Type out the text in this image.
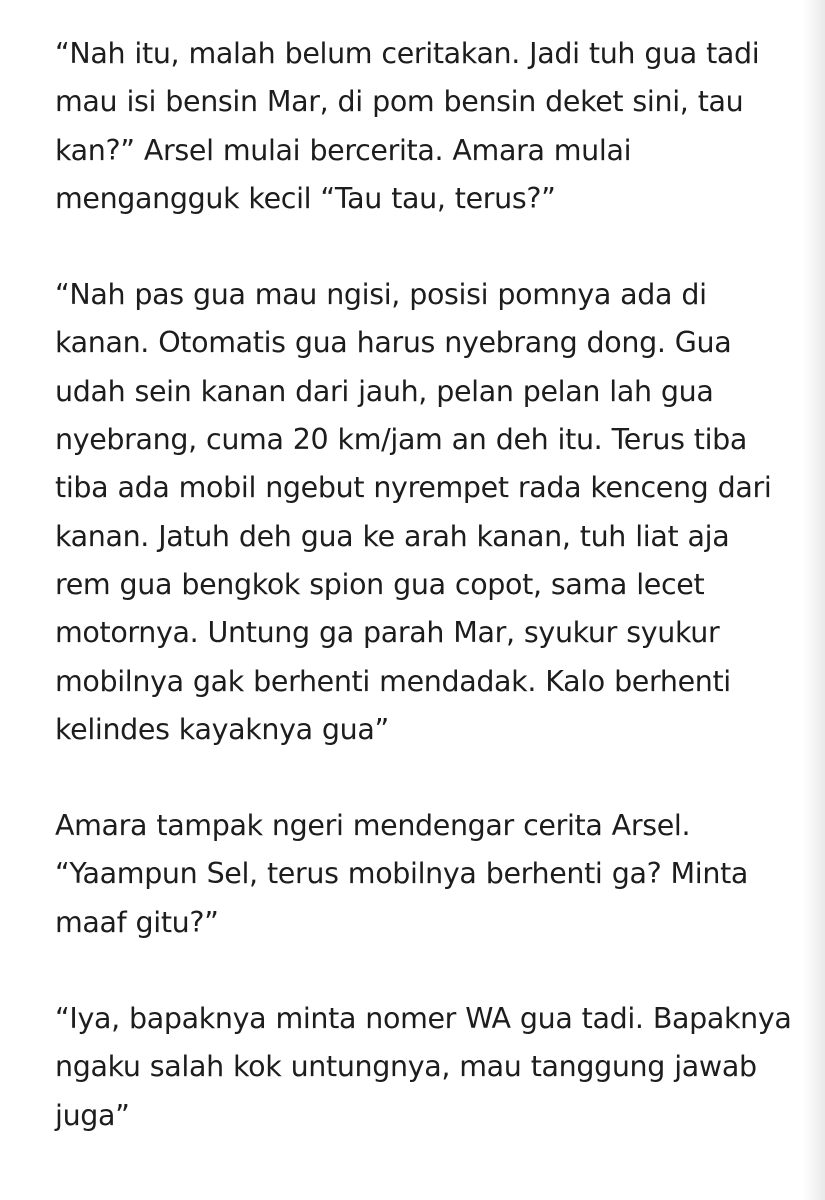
“Nah itu, malah belum ceritakan. Jadi tuh gua tadi
mau isi bensin Mar, di pom bensin deket sini, tau
kan?” Arsel mulai bercerita. Amara mulai
mengangguk kecil “Tau tau, terus?”

“Nah pas gua mau ngisi, posisi pomnya ada di
kanan. Otomatis gua harus nyebrang dong. Gua
udah sein kanan dari jauh, pelan pelan lah gua
nyebrang, cuma 20 km/jam an deh itu. Terus tiba
tiba ada mobil ngebut nyrempet rada kenceng dari
kanan. Jatuh deh gua ke arah kanan, tuh liat aja
rem gua bengkok spion gua copot, sama lecet
motornya. Untung ga parah Mar, syukur syukur
mobilnya gak berhenti mendadak. Kalo berhenti
kelindes kayaknya gua”

Amara tampak ngeri mendengar cerita Arsel.
“Yaampun Sel, terus mobilnya berhenti ga? Minta
maaf gitu?”

“Iya, bapaknya minta nomer WA gua tadi. Bapaknya
ngaku salah kok untungnya, mau tanggung jawab
juga”
